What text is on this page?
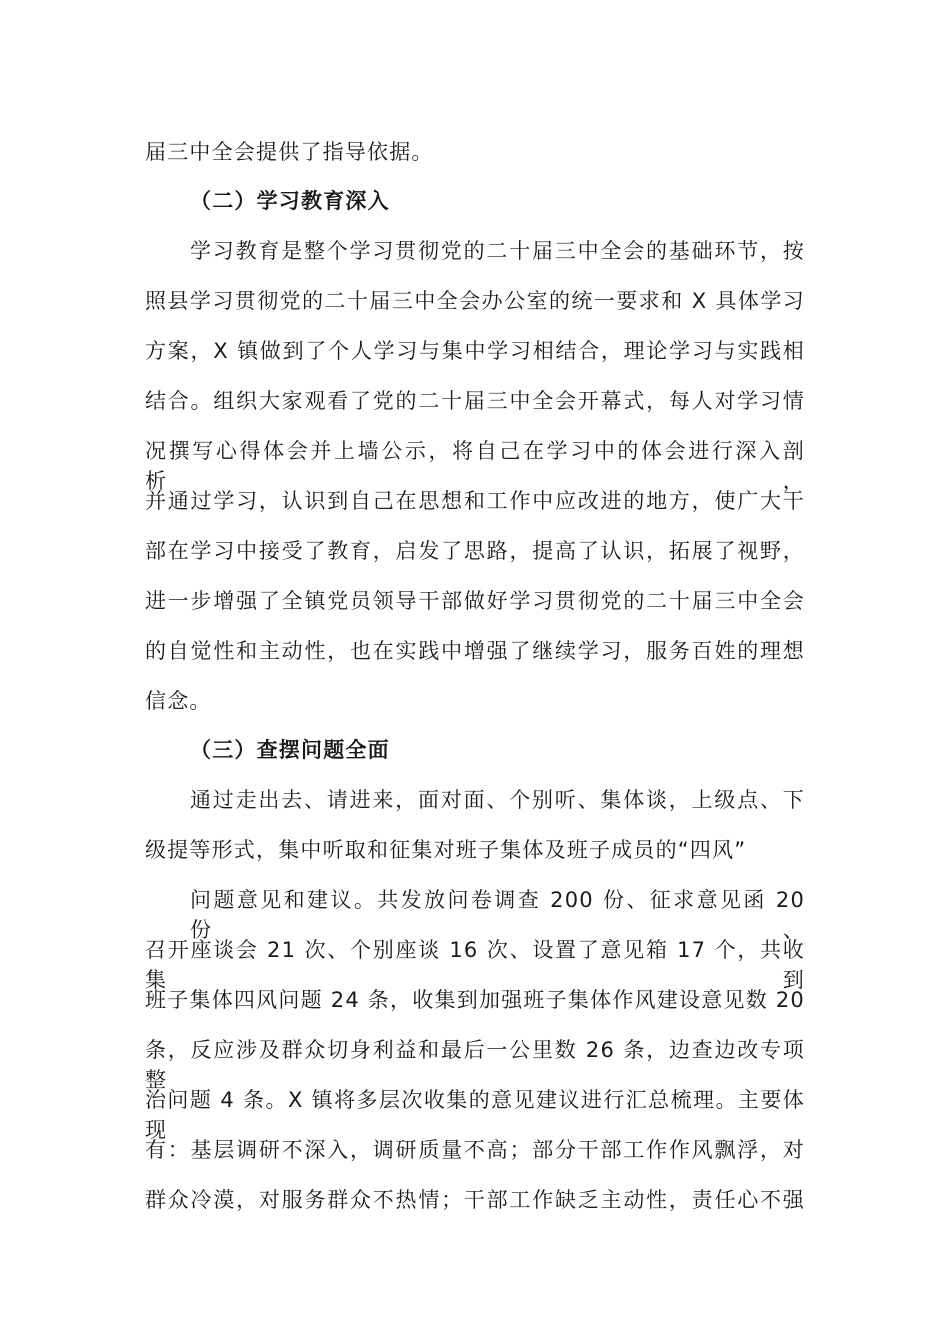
届三中全会提供了指导依据。
（二）学习教育深入
学习教育是整个学习贯彻党的二十届三中全会的基础环节，按
照县学习贯彻党的二十届三中全会办公室的统一要求和 X 具体学习
方案，X 镇做到了个人学习与集中学习相结合，理论学习与实践相
结合。组织大家观看了党的二十届三中全会开幕式，每人对学习情
况撰写心得体会并上墙公示，将自己在学习中的体会进行深入剖析，
并通过学习，认识到自己在思想和工作中应改进的地方，使广大干
部在学习中接受了教育，启发了思路，提高了认识，拓展了视野，
进一步增强了全镇党员领导干部做好学习贯彻党的二十届三中全会
的自觉性和主动性，也在实践中增强了继续学习，服务百姓的理想
信念。
（三）查摆问题全面
通过走出去、请进来，面对面、个别听、集体谈，上级点、下
级提等形式，集中听取和征集对班子集体及班子成员的“四风”
问题意见和建议。共发放问卷调查 200 份、征求意见函 20 份、
召开座谈会 21 次、个别座谈 16 次、设置了意见箱 17 个，共收集到
班子集体四风问题 24 条，收集到加强班子集体作风建设意见数 20
条，反应涉及群众切身利益和最后一公里数 26 条，边查边改专项整
治问题 4 条。X 镇将多层次收集的意见建议进行汇总梳理。主要体现
有：基层调研不深入，调研质量不高；部分干部工作作风飘浮，对
群众冷漠，对服务群众不热情；干部工作缺乏主动性，责任心不强
